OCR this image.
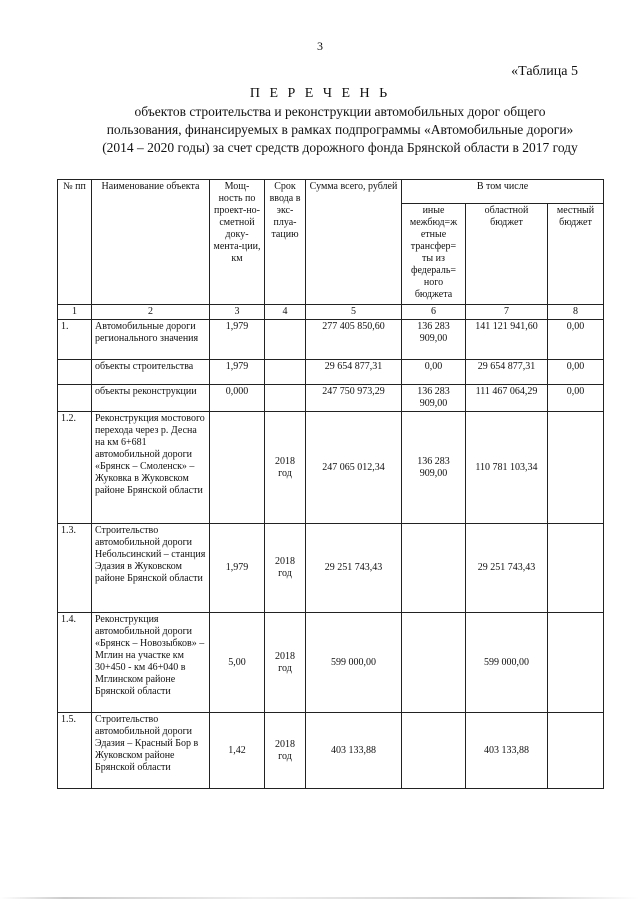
3
«Таблица 5
П Е Р Е Ч Е Н Ь
объектов строительства и реконструкции автомобильных дорог общего
пользования, финансируемых в рамках подпрограммы «Автомобильные дороги»
(2014 – 2020 годы) за счет средств дорожного фонда Брянской области в 2017 году
№ пп	Наименование объекта	Мощ-ность по проект-но-сметной доку-мента-ции, км	Срок ввода в экс-плуа-тацию	Сумма всего, рублей	В том числе		
					иные межбюд=ж етные трансфер= ты из федераль= ного бюджета	областной бюджет	местный бюджет
1	2	3	4	5	6	7	8
1.	Автомобильные дороги регионального значения	1,979		277 405 850,60	136 283 909,00	141 121 941,60	0,00
	объекты строительства	1,979		29 654 877,31	0,00	29 654 877,31	0,00
	объекты реконструкции	0,000		247 750 973,29	136 283 909,00	111 467 064,29	0,00
1.2.	Реконструкция мостового перехода через р. Десна на км 6+681 автомобильной дороги «Брянск – Смоленск» – Жуковка в Жуковском районе Брянской области		2018 год	247 065 012,34	136 283 909,00	110 781 103,34	
1.3.	Строительство автомобильной дороги Небольсинский – станция Эдазия в Жуковском районе Брянской области	1,979	2018 год	29 251 743,43		29 251 743,43	
1.4.	Реконструкция автомобильной дороги «Брянск – Новозыбков» – Мглин на участке км 30+450 - км 46+040 в Мглинском районе Брянской области	5,00	2018 год	599 000,00		599 000,00	
1.5.	Строительство автомобильной дороги Эдазия – Красный Бор в Жуковском районе Брянской области	1,42	2018 год	403 133,88		403 133,88	
